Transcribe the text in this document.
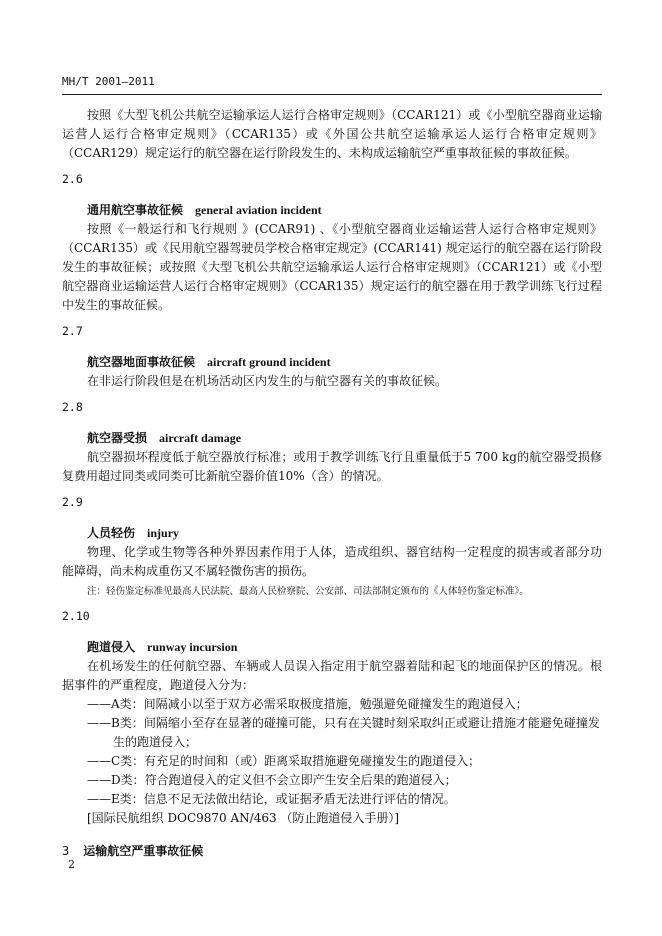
MH/T 2001—2011

按照《大型飞机公共航空运输承运人运行合格审定规则》（CCAR121）或《小型航空器商业运输运营人运行合格审定规则》（CCAR135）或《外国公共航空运输承运人运行合格审定规则》（CCAR129）规定运行的航空器在运行阶段发生的、未构成运输航空严重事故征候的事故征候。

2.6
通用航空事故征候 general aviation incident

按照《一般运行和飞行规则 》(CCAR91) 、《小型航空器商业运输运营人运行合格审定规则》（CCAR135）或《民用航空器驾驶员学校合格审定规定》(CCAR141) 规定运行的航空器在运行阶段发生的事故征候；或按照《大型飞机公共航空运输承运人运行合格审定规则》（CCAR121）或《小型航空器商业运输运营人运行合格审定规则》（CCAR135）规定运行的航空器在用于教学训练飞行过程中发生的事故征候。

2.7
航空器地面事故征候 aircraft ground incident

在非运行阶段但是在机场活动区内发生的与航空器有关的事故征候。

2.8
航空器受损 aircraft damage

航空器损坏程度低于航空器放行标准；或用于教学训练飞行且重量低于5 700 kg的航空器受损修复费用超过同类或同类可比新航空器价值10%（含）的情况。

2.9
人员轻伤 injury

物理、化学或生物等各种外界因素作用于人体，造成组织、器官结构一定程度的损害或者部分功能障碍，尚未构成重伤又不属轻微伤害的损伤。

注：轻伤鉴定标准见最高人民法院、最高人民检察院、公安部、司法部制定颁布的《人体轻伤鉴定标准》。
2.10
跑道侵入 runway incursion

在机场发生的任何航空器、车辆或人员误入指定用于航空器着陆和起飞的地面保护区的情况。根据事件的严重程度，跑道侵入分为：

——A类：间隔减小以至于双方必需采取极度措施，勉强避免碰撞发生的跑道侵入；
——B类：间隔缩小至存在显著的碰撞可能，只有在关键时刻采取纠正或避让措施才能避免碰撞发
生的跑道侵入；
——C类：有充足的时间和（或）距离采取措施避免碰撞发生的跑道侵入；
——D类：符合跑道侵入的定义但不会立即产生安全后果的跑道侵入；
——E类：信息不足无法做出结论，或证据矛盾无法进行评估的情况。
[国际民航组织 DOC9870 AN/463 （防止跑道侵入手册）]
3 运输航空严重事故征候
2
